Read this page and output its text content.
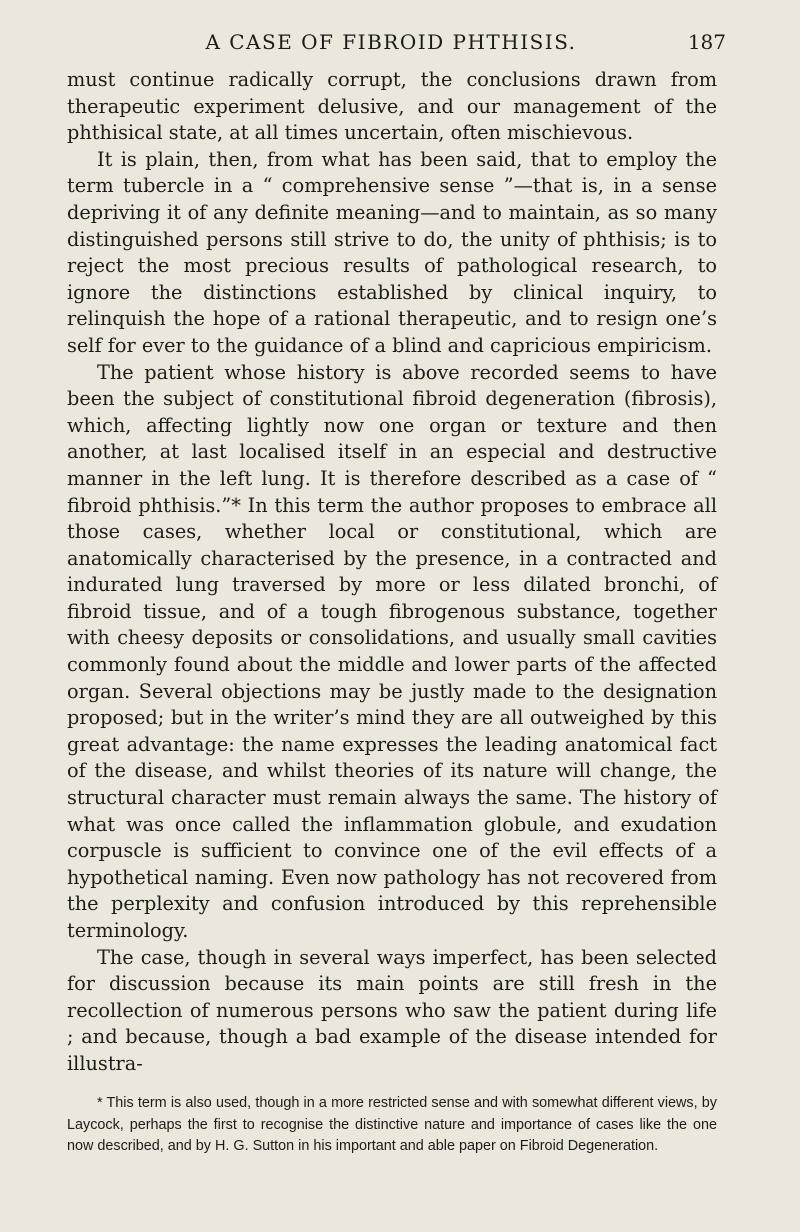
A CASE OF FIBROID PHTHISIS.	187

must continue radically corrupt, the conclusions drawn from therapeutic experiment delusive, and our management of the phthisical state, at all times uncertain, often mischievous.

It is plain, then, from what has been said, that to employ the term tubercle in a “ comprehensive sense ”—that is, in a sense depriving it of any definite meaning—and to maintain, as so many distinguished persons still strive to do, the unity of phthisis; is to reject the most precious results of pathological research, to ignore the distinctions established by clinical inquiry, to relinquish the hope of a rational therapeutic, and to resign one’s self for ever to the guidance of a blind and capricious empiricism.

The patient whose history is above recorded seems to have been the subject of constitutional fibroid degeneration (fibrosis), which, affecting lightly now one organ or texture and then another, at last localised itself in an especial and destructive manner in the left lung. It is therefore described as a case of “ fibroid phthisis.”* In this term the author proposes to embrace all those cases, whether local or constitutional, which are anatomically characterised by the presence, in a contracted and indurated lung traversed by more or less dilated bronchi, of fibroid tissue, and of a tough fibrogenous substance, together with cheesy deposits or consolidations, and usually small cavities commonly found about the middle and lower parts of the affected organ. Several objections may be justly made to the designation proposed; but in the writer’s mind they are all outweighed by this great advantage: the name expresses the leading anatomical fact of the disease, and whilst theories of its nature will change, the structural character must remain always the same. The history of what was once called the inflammation globule, and exudation corpuscle is sufficient to convince one of the evil effects of a hypothetical naming. Even now pathology has not recovered from the perplexity and confusion introduced by this reprehensible terminology.

The case, though in several ways imperfect, has been selected for discussion because its main points are still fresh in the recollection of numerous persons who saw the patient during life ; and because, though a bad example of the disease intended for illustra-

* This term is also used, though in a more restricted sense and with somewhat different views, by Laycock, perhaps the first to recognise the distinctive nature and importance of cases like the one now described, and by H. G. Sutton in his important and able paper on Fibroid Degeneration.
